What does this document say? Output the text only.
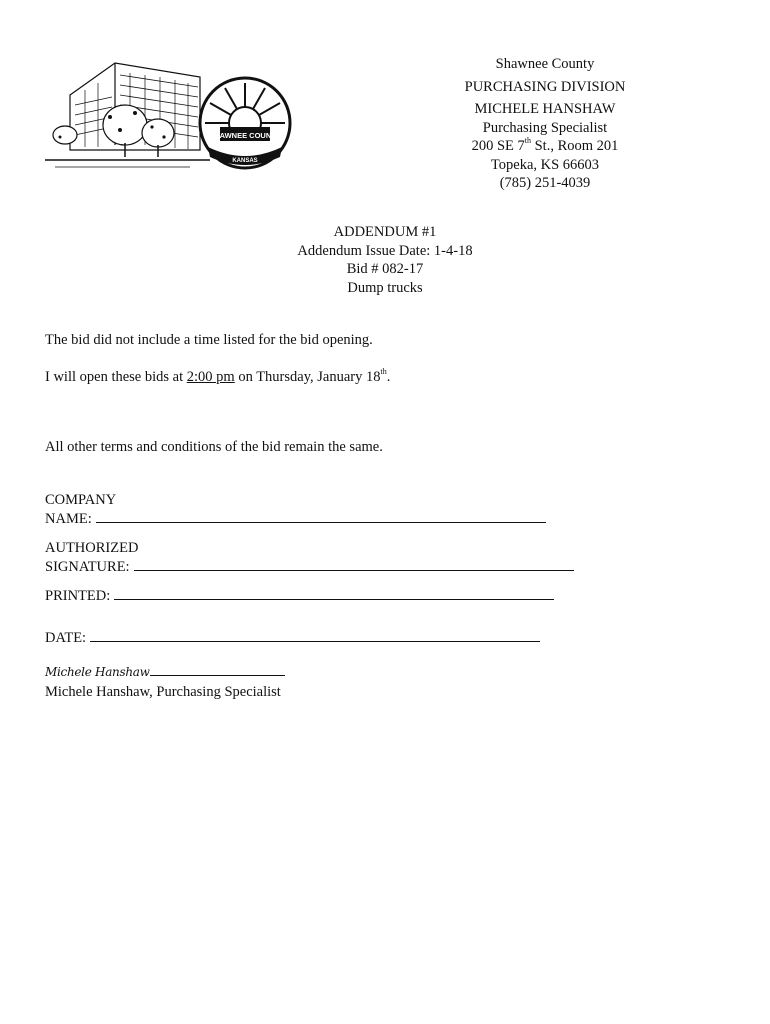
SHAWNEE COUNTY
KANSAS
Shawnee County
PURCHASING DIVISION
MICHELE HANSHAW
Purchasing Specialist
200 SE 7th St., Room 201
Topeka, KS 66603
(785) 251-4039
ADDENDUM #1
Addendum Issue Date: 1-4-18
Bid # 082-17
Dump trucks
The bid did not include a time listed for the bid opening.
I will open these bids at 2:00 pm on Thursday, January 18th.
All other terms and conditions of the bid remain the same.
COMPANY
NAME:
AUTHORIZED
SIGNATURE:
PRINTED:
DATE:
Michele Hanshaw
Michele Hanshaw, Purchasing Specialist
